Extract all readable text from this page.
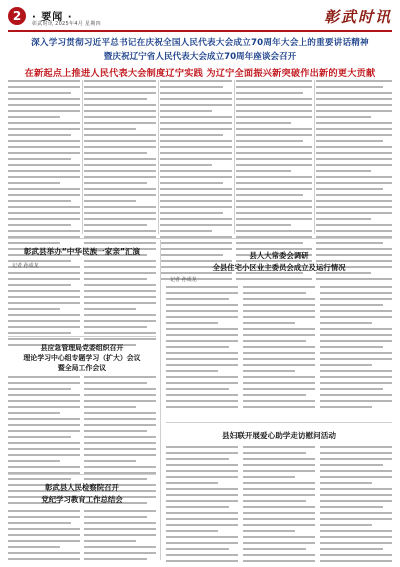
2	· 要闻 ·
彰武时讯 2025年4月 星期四	彰武时讯
深入学习贯彻习近平总书记在庆祝全国人民代表大会成立70周年大会上的重要讲话精神
暨庆祝辽宁省人民代表大会成立70周年座谈会召开
在新起点上推进人民代表大会制度辽宁实践 为辽宁全面振兴新突破作出新的更大贡献
彰武县举办“中华民族一家亲”汇演
记者 孙成龙
县应急管理局党委组织召开
理论学习中心组专题学习（扩大）会议
暨全局工作会议
彰武县人民检察院召开
党纪学习教育工作总结会
县人大常委会调研
全县住宅小区业主委员会成立及运行情况
记者 孙成龙
县妇联开展爱心助学走访慰问活动
